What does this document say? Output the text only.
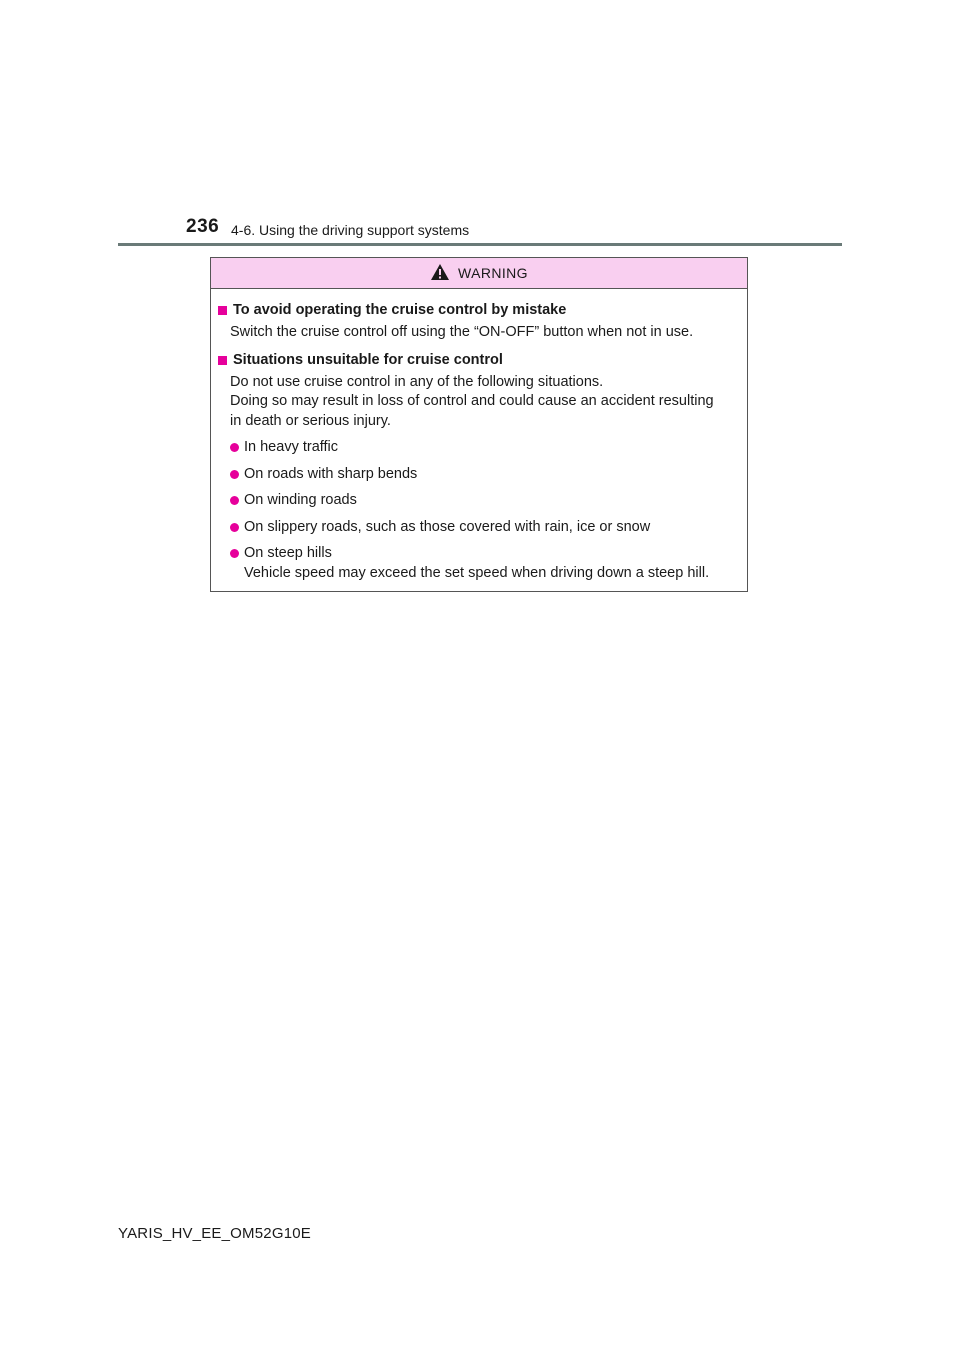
236 4-6. Using the driving support systems
WARNING
To avoid operating the cruise control by mistake
Switch the cruise control off using the “ON-OFF” button when not in use.
Situations unsuitable for cruise control
Do not use cruise control in any of the following situations.
Doing so may result in loss of control and could cause an accident resulting
in death or serious injury.
In heavy traffic
On roads with sharp bends
On winding roads
On slippery roads, such as those covered with rain, ice or snow
On steep hills
Vehicle speed may exceed the set speed when driving down a steep hill.
YARIS_HV_EE_OM52G10E
